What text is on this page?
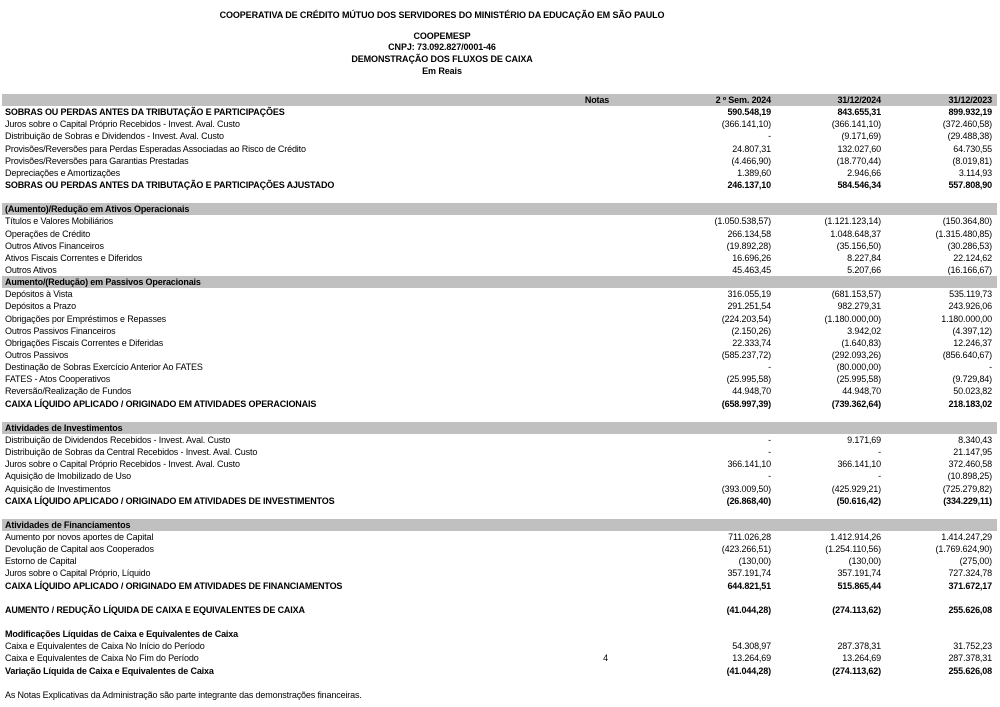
COOPERATIVA DE CRÉDITO MÚTUO DOS SERVIDORES DO MINISTÉRIO DA EDUCAÇÃO EM SÃO PAULO
COOPEMESP
CNPJ: 73.092.827/0001-46
DEMONSTRAÇÃO DOS FLUXOS DE CAIXA
Em Reais
Notas	2 º Sem. 2024	31/12/2024	31/12/2023
SOBRAS OU PERDAS ANTES DA TRIBUTAÇÃO E PARTICIPAÇÕES	590.548,19	843.655,31	899.932,19
Juros sobre o Capital Próprio Recebidos - Invest. Aval. Custo	(366.141,10)	(366.141,10)	(372.460,58)
Distribuição de Sobras e Dividendos - Invest. Aval. Custo	-	(9.171,69)	(29.488,38)
Provisões/Reversões para Perdas Esperadas Associadas ao Risco de Crédito	24.807,31	132.027,60	64.730,55
Provisões/Reversões para Garantias Prestadas	(4.466,90)	(18.770,44)	(8.019,81)
Depreciações e Amortizações	1.389,60	2.946,66	3.114,93
SOBRAS OU PERDAS ANTES DA TRIBUTAÇÃO E PARTICIPAÇÕES AJUSTADO	246.137,10	584.546,34	557.808,90
(Aumento)/Redução em Ativos Operacionais
Títulos e Valores Mobiliários	(1.050.538,57)	(1.121.123,14)	(150.364,80)
Operações de Crédito	266.134,58	1.048.648,37	(1.315.480,85)
Outros Ativos Financeiros	(19.892,28)	(35.156,50)	(30.286,53)
Ativos Fiscais Correntes e Diferidos	16.696,26	8.227,84	22.124,62
Outros Ativos	45.463,45	5.207,66	(16.166,67)
Aumento/(Redução) em Passivos Operacionais
Depósitos à Vista	316.055,19	(681.153,57)	535.119,73
Depósitos a Prazo	291.251,54	982.279,31	243.926,06
Obrigações por Empréstimos e Repasses	(224.203,54)	(1.180.000,00)	1.180.000,00
Outros Passivos Financeiros	(2.150,26)	3.942,02	(4.397,12)
Obrigações Fiscais Correntes e Diferidas	22.333,74	(1.640,83)	12.246,37
Outros Passivos	(585.237,72)	(292.093,26)	(856.640,67)
Destinação de Sobras Exercício Anterior Ao FATES	-	(80.000,00)	-
FATES - Atos Cooperativos	(25.995,58)	(25.995,58)	(9.729,84)
Reversão/Realização de Fundos	44.948,70	44.948,70	50.023,82
CAIXA LÍQUIDO APLICADO / ORIGINADO EM ATIVIDADES OPERACIONAIS	(658.997,39)	(739.362,64)	218.183,02
Atividades de Investimentos
Distribuição de Dividendos Recebidos - Invest. Aval. Custo	-	9.171,69	8.340,43
Distribuição de Sobras da Central Recebidos - Invest. Aval. Custo	-	-	21.147,95
Juros sobre o Capital Próprio Recebidos - Invest. Aval. Custo	366.141,10	366.141,10	372.460,58
Aquisição de Imobilizado de Uso	-	-	(10.898,25)
Aquisição de Investimentos	(393.009,50)	(425.929,21)	(725.279,82)
CAIXA LÍQUIDO APLICADO / ORIGINADO EM ATIVIDADES DE INVESTIMENTOS	(26.868,40)	(50.616,42)	(334.229,11)
Atividades de Financiamentos
Aumento por novos aportes de Capital	711.026,28	1.412.914,26	1.414.247,29
Devolução de Capital aos Cooperados	(423.266,51)	(1.254.110,56)	(1.769.624,90)
Estorno de Capital	(130,00)	(130,00)	(275,00)
Juros sobre o Capital Próprio, Líquido	357.191,74	357.191,74	727.324,78
CAIXA LÍQUIDO APLICADO / ORIGINADO EM ATIVIDADES DE FINANCIAMENTOS	644.821,51	515.865,44	371.672,17
AUMENTO / REDUÇÃO LÍQUIDA DE CAIXA E EQUIVALENTES DE CAIXA	(41.044,28)	(274.113,62)	255.626,08
Modificações Líquidas de Caixa e Equivalentes de Caixa
Caixa e Equivalentes de Caixa No Início do Período	54.308,97	287.378,31	31.752,23
Caixa e Equivalentes de Caixa No Fim do Período	4	13.264,69	13.264,69	287.378,31
Variação Líquida de Caixa e Equivalentes de Caixa	(41.044,28)	(274.113,62)	255.626,08
As Notas Explicativas da Administração são parte integrante das demonstrações financeiras.
